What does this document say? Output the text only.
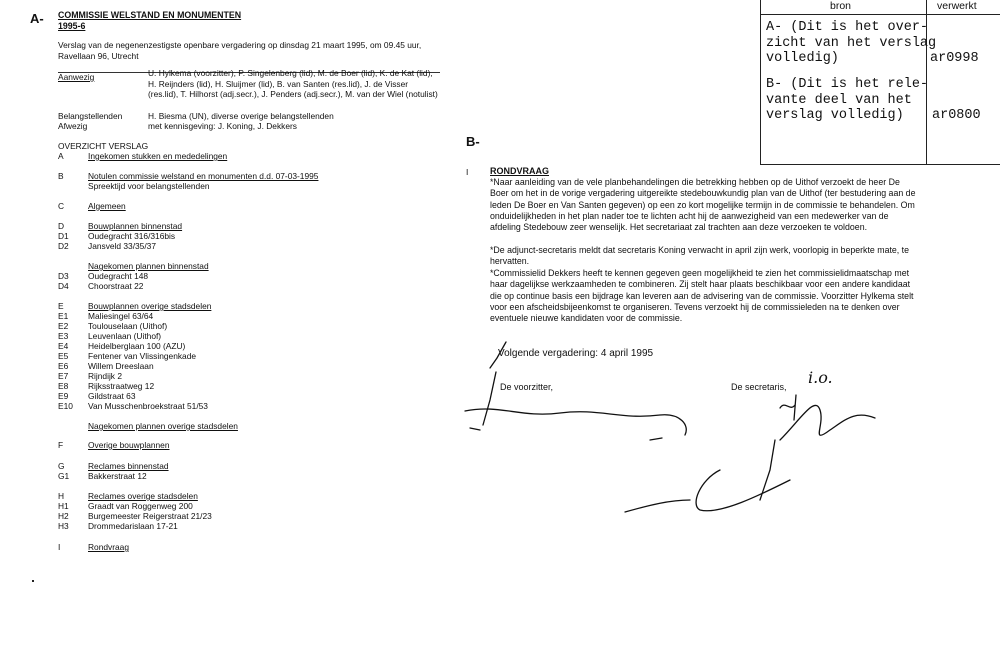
bron	verwerkt
A- (Dit is het over-
zicht van het verslag
volledig)	ar0998
B- (Dit is het rele-
vante deel van het
verslag volledig)	ar0800
A- COMMISSIE WELSTAND EN MONUMENTEN
1995-6
Verslag van de negenenzestigste openbare vergadering op dinsdag 21 maart 1995, om 09.45 uur, Ravellaan 96, Utrecht
Aanwezig	U. Hylkema (voorzitter), P. Singelenberg (lid), M. de Boer (lid), K. de Kat (lid), H. Reijnders (lid), H. Sluijmer (lid), B. van Santen (res.lid), J. de Visser (res.lid), T. Hilhorst (adj.secr.), J. Penders (adj.secr.), M. van der Wiel (notulist)
Belangstellenden	H. Biesma (UN), diverse overige belangstellenden
Afwezig	met kennisgeving: J. Koning, J. Dekkers
OVERZICHT VERSLAG
A	Ingekomen stukken en mededelingen
B	Notulen commissie welstand en monumenten d.d. 07-03-1995
Spreektijd voor belangstellenden
C	Algemeen
D	Bouwplannen binnenstad
D1	Oudegracht 316/316bis
D2	Jansveld 33/35/37
Nagekomen plannen binnenstad
D3	Oudegracht 148
D4	Choorstraat 22
E	Bouwplannen overige stadsdelen
E1	Maliesingel 63/64
E2	Toulouselaan (Uithof)
E3	Leuvenlaan (Uithof)
E4	Heidelberglaan 100 (AZU)
E5	Fentener van Vlissingenkade
E6	Willem Dreeslaan
E7	Rijndijk 2
E8	Rijksstraatweg 12
E9	Gildstraat 63
E10	Van Musschenbroekstraat 51/53
Nagekomen plannen overige stadsdelen
F	Overige bouwplannen
G	Reclames binnenstad
G1	Bakkerstraat 12
H	Reclames overige stadsdelen
H1	Graadt van Roggenweg 200
H2	Burgemeester Reigerstraat 21/23
H3	Drommedarislaan 17-21
I	Rondvraag
B-
I RONDVRAAG
*Naar aanleiding van de vele planbehandelingen die betrekking hebben op de Uithof verzoekt de heer De Boer om het in de vorige vergadering uitgereikte stedebouwkundig plan van de Uithof (ter bestudering aan de leden De Boer en Van Santen gegeven) op een zo kort mogelijke termijn in de commissie te behandelen. Om onduidelijkheden in het plan nader toe te lichten acht hij de aanwezigheid van een medewerker van de afdeling Stedebouw zeer wenselijk. Het secretariaat zal trachten aan deze verzoeken te voldoen.
*De adjunct-secretaris meldt dat secretaris Koning verwacht in april zijn werk, voorlopig in beperkte mate, te hervatten.
*Commissielid Dekkers heeft te kennen gegeven geen mogelijkheid te zien het commissielidmaatschap met haar dagelijkse werkzaamheden te combineren. Zij stelt haar plaats beschikbaar voor een andere kandidaat die op continue basis een bijdrage kan leveren aan de advisering van de commissie. Voorzitter Hylkema stelt voor een afscheidsbijeenkomst te organiseren. Tevens verzoekt hij de commissieleden na te denken over eventuele nieuwe kandidaten voor de commissie.
Volgende vergadering: 4 april 1995
De voorzitter,	De secretaris, i.o.
